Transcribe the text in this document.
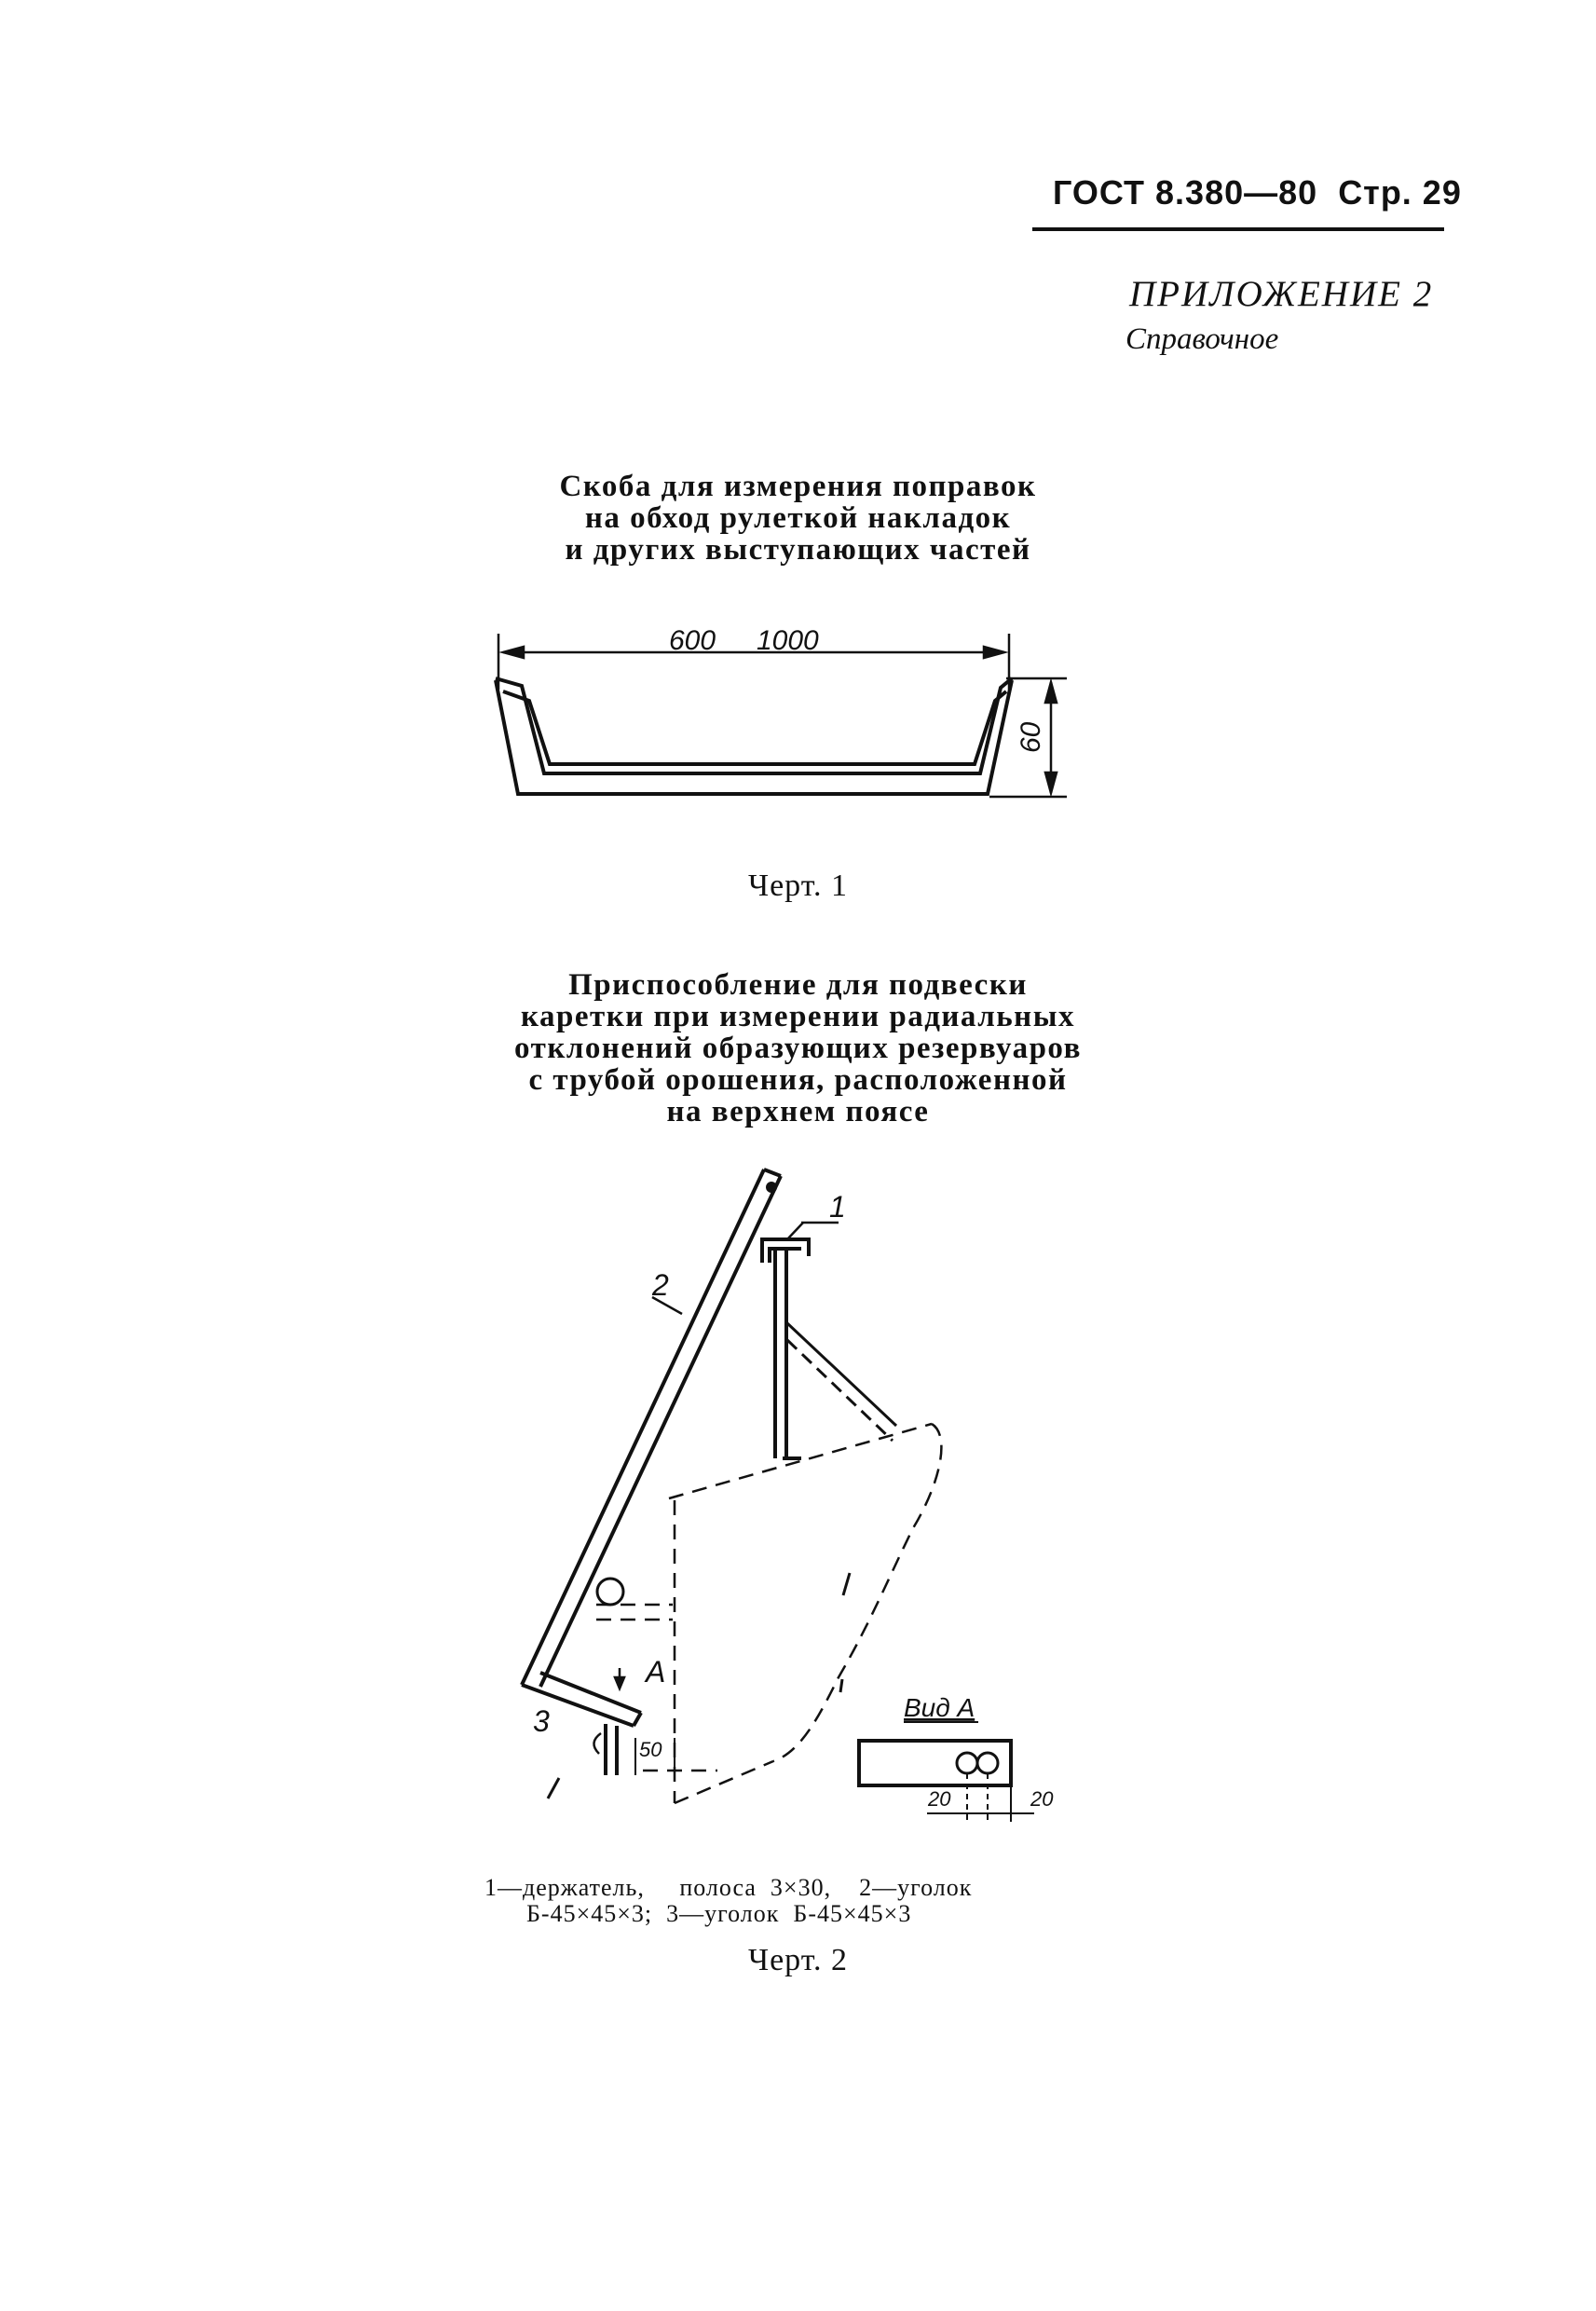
ГОСТ 8.380—80 Стр. 29
ПРИЛОЖЕНИЕ 2
Справочное
Скоба для измерения поправок
на обход рулеткой накладок
и других выступающих частей
600 1000
60
Черт. 1
Приспособление для подвески
каретки при измерении радиальных
отклонений образующих резервуаров
с трубой орошения, расположенной
на верхнем поясе
50
1
2
3
А
Вид А
20	20
1—держатель,     полоса  3×30,    2—уголок
Б-45×45×3;  3—уголок  Б-45×45×3
Черт. 2
